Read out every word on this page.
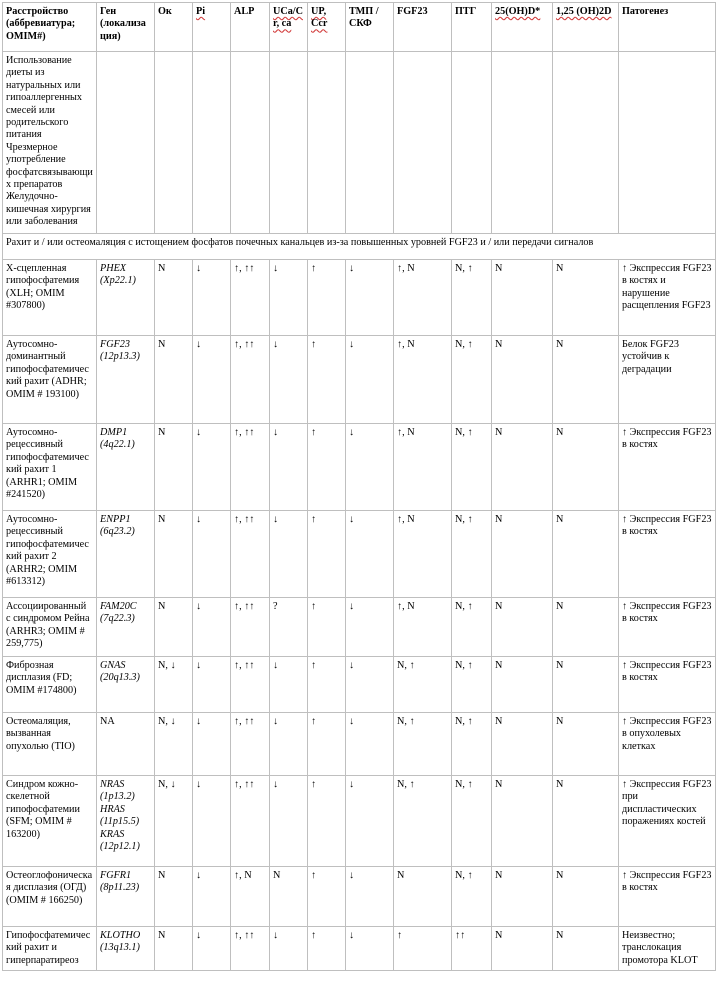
Расстройство (аббревиатура; OMIM#)	Ген (локализация)	Ок	Pi	ALP	UCa/Cr, ca	UP, Ccr	ТМП / СКФ	FGF23	ПТГ	25(OH)D*	1,25 (OH)2D	Патогенез

Использование диеты из натуральных или гипоаллергенных смесей или родительского питания
Чрезмерное употребление фосфатсвязывающих препаратов
Желудочно-кишечная хирургия или заболевания												

Рахит и / или остеомаляция с истощением фосфатов почечных канальцев из-за повышенных уровней FGF23 и / или передачи сигналов												
X-сцепленная гипофосфатемия (XLH; OMIM #307800)	PHEX (Xp22.1)	N	↓	↑, ↑↑	↓	↑	↓	↑, N	N, ↑	N	N	↑ Экспрессия FGF23 в костях и нарушение расщепления FGF23
Аутосомно-доминантный гипофосфатемический рахит (ADHR; OMIM # 193100)	FGF23 (12p13.3)	N	↓	↑, ↑↑	↓	↑	↓	↑, N	N, ↑	N	N	Белок FGF23 устойчив к деградации
Аутосомно-рецессивный гипофосфатемический рахит 1 (ARHR1; OMIM #241520)	DMP1 (4q22.1)	N	↓	↑, ↑↑	↓	↑	↓	↑, N	N, ↑	N	N	↑ Экспрессия FGF23 в костях
Аутосомно-рецессивный гипофосфатемический рахит 2 (ARHR2; OMIM #613312)	ENPP1 (6q23.2)	N	↓	↑, ↑↑	↓	↑	↓	↑, N	N, ↑	N	N	↑ Экспрессия FGF23 в костях
Ассоциированный с синдромом Рейна (ARHR3; OMIM # 259,775)	FAM20C (7q22.3)	N	↓	↑, ↑↑	?	↑	↓	↑, N	N, ↑	N	N	↑ Экспрессия FGF23 в костях
Фиброзная дисплазия (FD; OMIM #174800)	GNAS (20q13.3)	N, ↓	↓	↑, ↑↑	↓	↑	↓	N, ↑	N, ↑	N	N	↑ Экспрессия FGF23 в костях
Остеомаляция, вызванная опухолью (TIO)	NA	N, ↓	↓	↑, ↑↑	↓	↑	↓	N, ↑	N, ↑	N	N	↑ Экспрессия FGF23 в опухолевых клетках
Синдром кожно-скелетной гипофосфатемии (SFM; OMIM # 163200)	NRAS (1p13.2) HRAS (11p15.5) KRAS (12p12.1)	N, ↓	↓	↑, ↑↑	↓	↑	↓	N, ↑	N, ↑	N	N	↑ Экспрессия FGF23 при диспластических поражениях костей
Остеоглофоническая дисплазия (ОГД) (OMIM # 166250)	FGFR1 (8p11.23)	N	↓	↑, N	N	↑	↓	N	N, ↑	N	N	↑ Экспрессия FGF23 в костях
Гипофосфатемический рахит и гиперпаратиреоз	KLOTHO (13q13.1)	N	↓	↑, ↑↑	↓	↑	↓	↑	↑↑	N	N	Неизвестно; транслокация промотора KLOT
